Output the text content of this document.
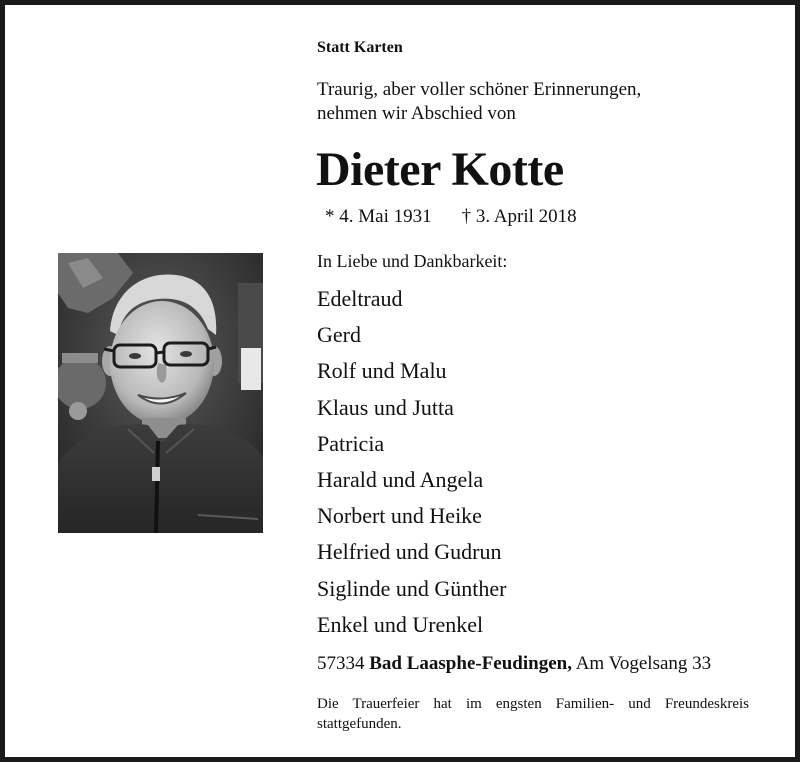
Statt Karten
Traurig, aber voller schöner Erinnerungen,
nehmen wir Abschied von
Dieter Kotte
* 4. Mai 1931 † 3. April 2018
In Liebe und Dankbarkeit:
Edeltraud
Gerd
Rolf und Malu
Klaus und Jutta
Patricia
Harald und Angela
Norbert und Heike
Helfried und Gudrun
Siglinde und Günther
Enkel und Urenkel
57334 Bad Laasphe-Feudingen, Am Vogelsang 33
Die Trauerfeier hat im engsten Familien- und Freundeskreis
stattgefunden.
